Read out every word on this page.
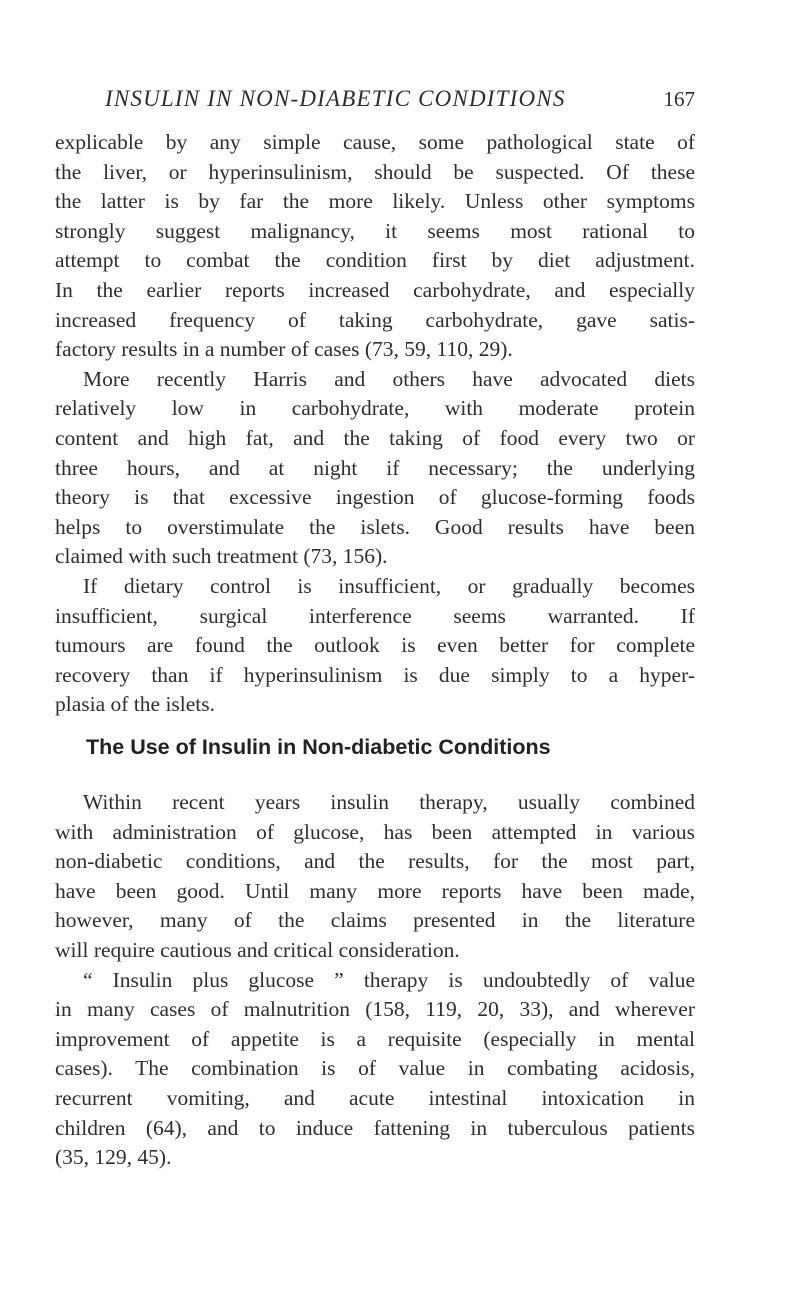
INSULIN IN NON-DIABETIC CONDITIONS	167
explicable by any simple cause, some pathological state of
the liver, or hyperinsulinism, should be suspected. Of these
the latter is by far the more likely. Unless other symptoms
strongly suggest malignancy, it seems most rational to
attempt to combat the condition first by diet adjustment.
In the earlier reports increased carbohydrate, and especially
increased frequency of taking carbohydrate, gave satis-
factory results in a number of cases (73, 59, 110, 29).
More recently Harris and others have advocated diets
relatively low in carbohydrate, with moderate protein
content and high fat, and the taking of food every two or
three hours, and at night if necessary; the underlying
theory is that excessive ingestion of glucose-forming foods
helps to overstimulate the islets. Good results have been
claimed with such treatment (73, 156).
If dietary control is insufficient, or gradually becomes
insufficient, surgical interference seems warranted. If
tumours are found the outlook is even better for complete
recovery than if hyperinsulinism is due simply to a hyper-
plasia of the islets.
The Use of Insulin in Non-diabetic Conditions
Within recent years insulin therapy, usually combined
with administration of glucose, has been attempted in various
non-diabetic conditions, and the results, for the most part,
have been good. Until many more reports have been made,
however, many of the claims presented in the literature
will require cautious and critical consideration.
“ Insulin plus glucose ” therapy is undoubtedly of value
in many cases of malnutrition (158, 119, 20, 33), and wherever
improvement of appetite is a requisite (especially in mental
cases). The combination is of value in combating acidosis,
recurrent vomiting, and acute intestinal intoxication in
children (64), and to induce fattening in tuberculous patients
(35, 129, 45).
